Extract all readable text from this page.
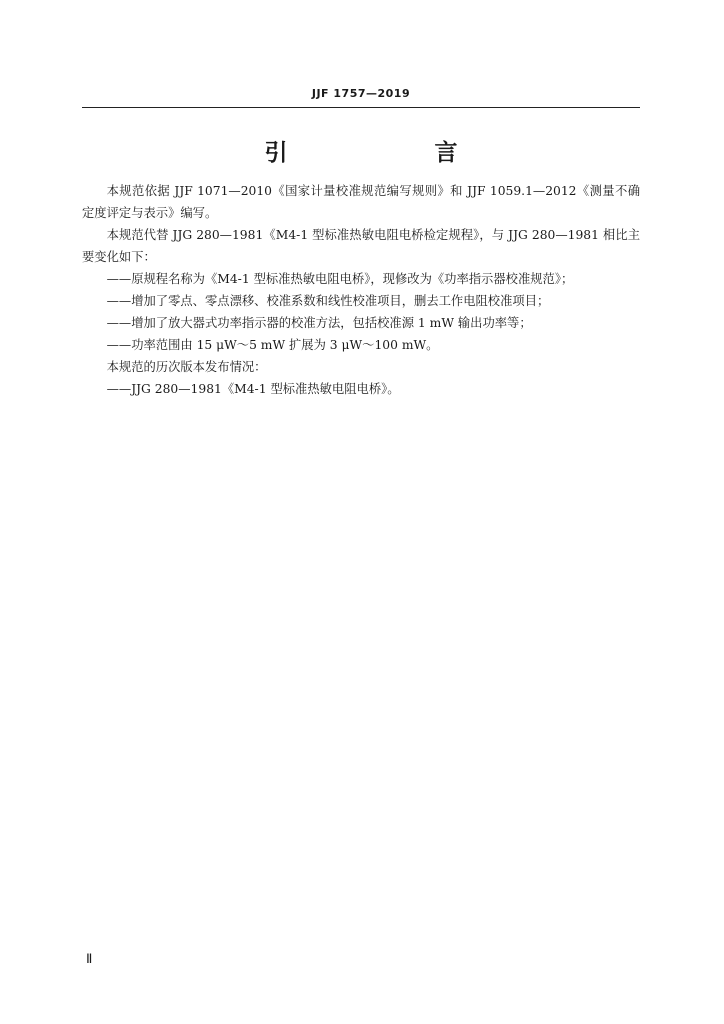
JJF 1757—2019
引　言

本规范依据 JJF 1071—2010《国家计量校准规范编写规则》和 JJF 1059.1—2012《测量不确定度评定与表示》编写。

本规范代替 JJG 280—1981《M4-1 型标准热敏电阻电桥检定规程》，与 JJG 280—1981 相比主要变化如下：

——原规程名称为《M4-1 型标准热敏电阻电桥》，现修改为《功率指示器校准规范》；

——增加了零点、零点漂移、校准系数和线性校准项目，删去工作电阻校准项目；

——增加了放大器式功率指示器的校准方法，包括校准源 1 mW 输出功率等；

——功率范围由 15 μW～5 mW 扩展为 3 μW～100 mW。

本规范的历次版本发布情况：

——JJG 280—1981《M4-1 型标准热敏电阻电桥》。

Ⅱ
